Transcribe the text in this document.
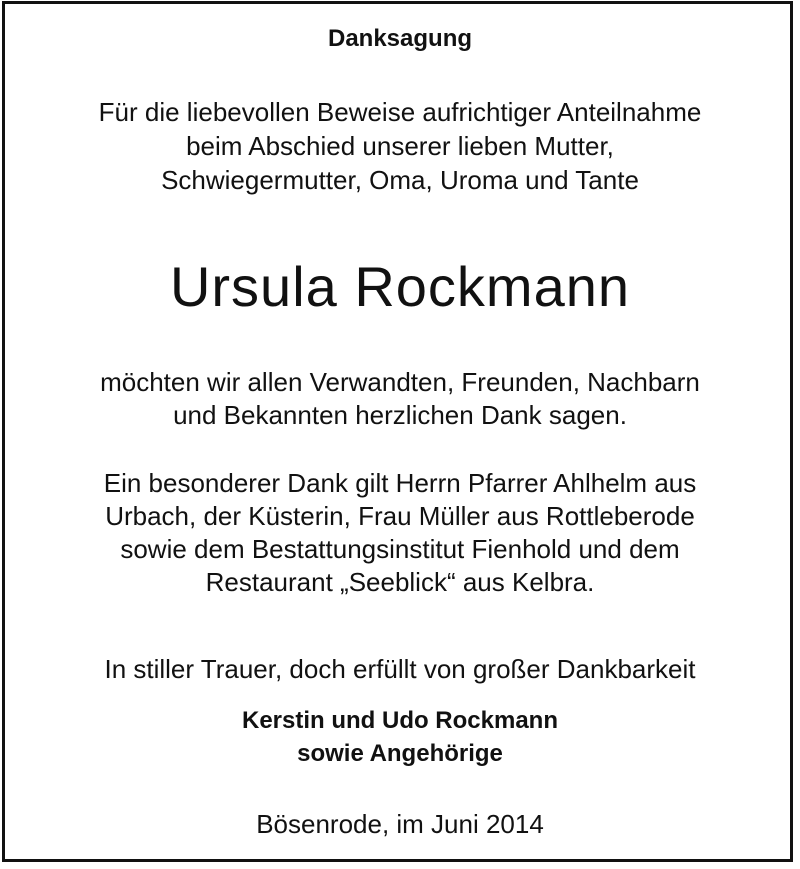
Danksagung
Für die liebevollen Beweise aufrichtiger Anteilnahme
beim Abschied unserer lieben Mutter,
Schwiegermutter, Oma, Uroma und Tante
Ursula Rockmann
möchten wir allen Verwandten, Freunden, Nachbarn
und Bekannten herzlichen Dank sagen.
Ein besonderer Dank gilt Herrn Pfarrer Ahlhelm aus
Urbach, der Küsterin, Frau Müller aus Rottleberode
sowie dem Bestattungsinstitut Fienhold und dem
Restaurant „Seeblick“ aus Kelbra.
In stiller Trauer, doch erfüllt von großer Dankbarkeit
Kerstin und Udo Rockmann
sowie Angehörige
Bösenrode, im Juni 2014
